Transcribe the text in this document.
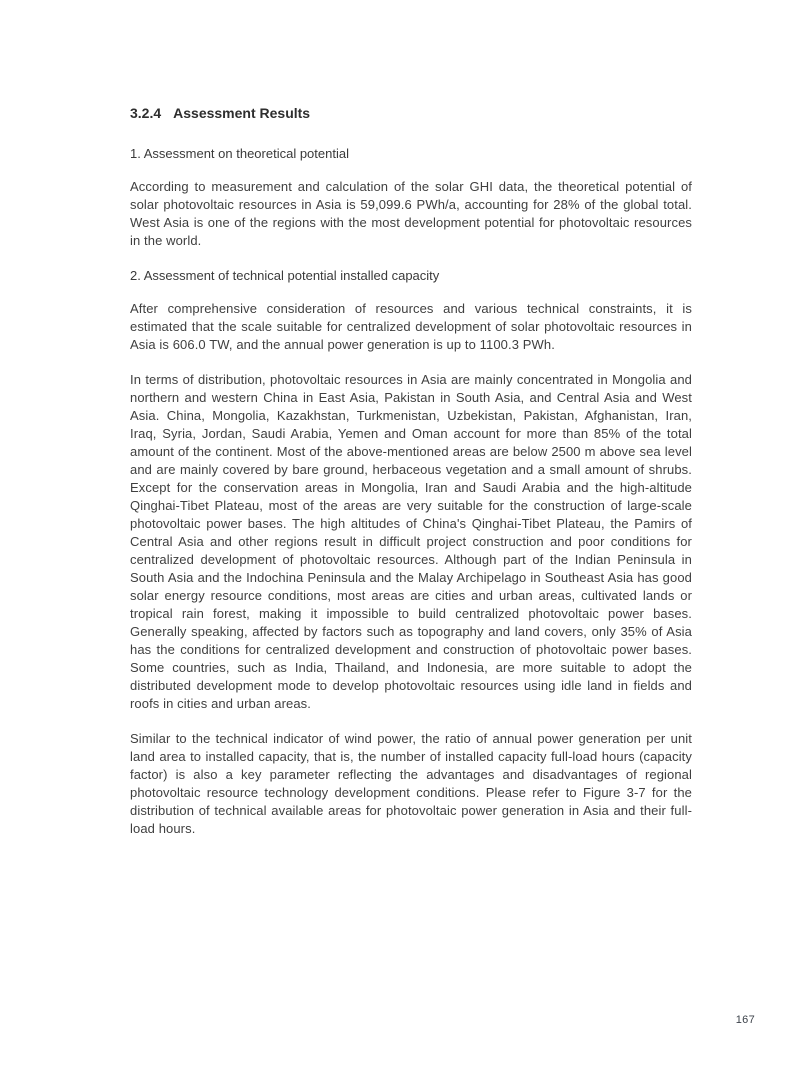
3.2.4 Assessment Results

1. Assessment on theoretical potential

According to measurement and calculation of the solar GHI data, the theoretical potential of solar photovoltaic resources in Asia is 59,099.6 PWh/a, accounting for 28% of the global total. West Asia is one of the regions with the most development potential for photovoltaic resources in the world.

2. Assessment of technical potential installed capacity

After comprehensive consideration of resources and various technical constraints, it is estimated that the scale suitable for centralized development of solar photovoltaic resources in Asia is 606.0 TW, and the annual power generation is up to 1100.3 PWh.

In terms of distribution, photovoltaic resources in Asia are mainly concentrated in Mongolia and northern and western China in East Asia, Pakistan in South Asia, and Central Asia and West Asia. China, Mongolia, Kazakhstan, Turkmenistan, Uzbekistan, Pakistan, Afghanistan, Iran, Iraq, Syria, Jordan, Saudi Arabia, Yemen and Oman account for more than 85% of the total amount of the continent. Most of the above-mentioned areas are below 2500 m above sea level and are mainly covered by bare ground, herbaceous vegetation and a small amount of shrubs. Except for the conservation areas in Mongolia, Iran and Saudi Arabia and the high-altitude Qinghai-Tibet Plateau, most of the areas are very suitable for the construction of large-scale photovoltaic power bases. The high altitudes of China's Qinghai-Tibet Plateau, the Pamirs of Central Asia and other regions result in difficult project construction and poor conditions for centralized development of photovoltaic resources. Although part of the Indian Peninsula in South Asia and the Indochina Peninsula and the Malay Archipelago in Southeast Asia has good solar energy resource conditions, most areas are cities and urban areas, cultivated lands or tropical rain forest, making it impossible to build centralized photovoltaic power bases. Generally speaking, affected by factors such as topography and land covers, only 35% of Asia has the conditions for centralized development and construction of photovoltaic power bases. Some countries, such as India, Thailand, and Indonesia, are more suitable to adopt the distributed development mode to develop photovoltaic resources using idle land in fields and roofs in cities and urban areas.

Similar to the technical indicator of wind power, the ratio of annual power generation per unit land area to installed capacity, that is, the number of installed capacity full-load hours (capacity factor) is also a key parameter reflecting the advantages and disadvantages of regional photovoltaic resource technology development conditions. Please refer to Figure 3-7 for the distribution of technical available areas for photovoltaic power generation in Asia and their full-load hours.

167
